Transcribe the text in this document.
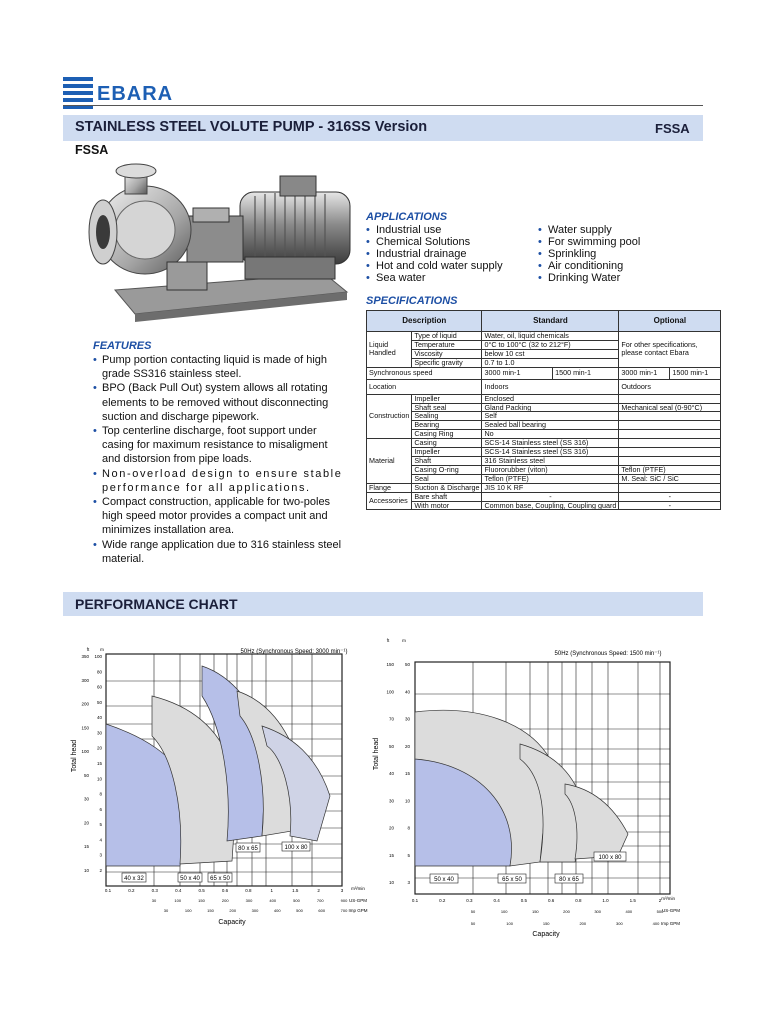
EBARA
STAINLESS STEEL VOLUTE PUMP - 316SS Version	FSSA
FSSA
APPLICATIONS
• Industrial use
• Chemical Solutions
• Industrial drainage
• Hot and cold water supply
• Sea water
• Water supply
• For swimming pool
• Sprinkling
• Air conditioning
• Drinking Water
SPECIFICATIONS
Description		Standard		Optional	
Liquid Handled	Type of liquid	Water, oil, liquid chemicals		For other specifications, please contact Ebara	
	Temperature	0°C to 100°C (32 to 212°F)			
	Viscosity	below 10 cst			
	Specific gravity	0.7 to 1.0			
Synchronous speed		3000 min-1	1500 min-1	3000 min-1	1500 min-1
Location		Indoors		Outdoors	
Construction	Impeller	Enclosed			
	Shaft seal	Gland Packing		Mechanical seal (0-90°C)	
	Sealing	Self			
	Bearing	Sealed ball bearing			
	Casing Ring	No			
Material	Casing	SCS-14 Stainless steel (SS 316)			
	Impeller	SCS-14 Stainless steel (SS 316)			
	Shaft	316 Stainless steel			
	Casing O-ring	Fluororubber (viton)		Teflon (PTFE)	
	Seal	Teflon (PTFE)		M. Seal: SiC / SiC	
Flange	Suction & Discharge	JIS 10 K RF			
Accessories	Bare shaft	-		-	
	With motor	Common base, Coupling, Coupling guard		-	
FEATURES
• Pump portion contacting liquid is made of high grade SS316 stainless steel.
• BPO (Back Pull Out) system allows all rotating elements to be removed without disconnecting suction and discharge pipework.
• Top centerline discharge, foot support under casing for maximum resistance to misaligment and distorsion from pipe loads.
• Non-overload design to ensure stable performance for all applications.
• Compact construction, applicable for two-poles high speed motor provides a compact unit and minimizes installation area.
• Wide range application due to 316 stainless steel material.
PERFORMANCE CHART
40 x 32	50 x 40 65 x 50
80 x 65	100 x 80
50Hz (Synchronous Speed: 3000 min⁻¹)
Total head
Capacity
ft m
m³/min
US-GPM
Imp GPM
0.1	0.2	0.3	0.4	0.5	0.6	0.8	1	1.5	2	3
30	100	150	200	300	400	500	700	900
30	100	150	200	300	400	500	600	700
100
80
60
50
40
30
20
15
10
8
6
5
4
3
2
350
300
200
150
100
50
30
20
15
10
50 x 40	65 x 50	80 x 65
100 x 80
50Hz (Synchronous Speed: 1500 min⁻¹)
Total head
Capacity
ft	m
m³/min
US-GPM
Imp GPM
0.1	0.2	0.3	0.4	0.5	0.6	0.8	1.0	1.5	2
50	100	150	200	300	400	500
50	100	150	200	300	400
50
40
30
20
15
10
8
5
3
150
100
70
50
40
30
20
15
10
